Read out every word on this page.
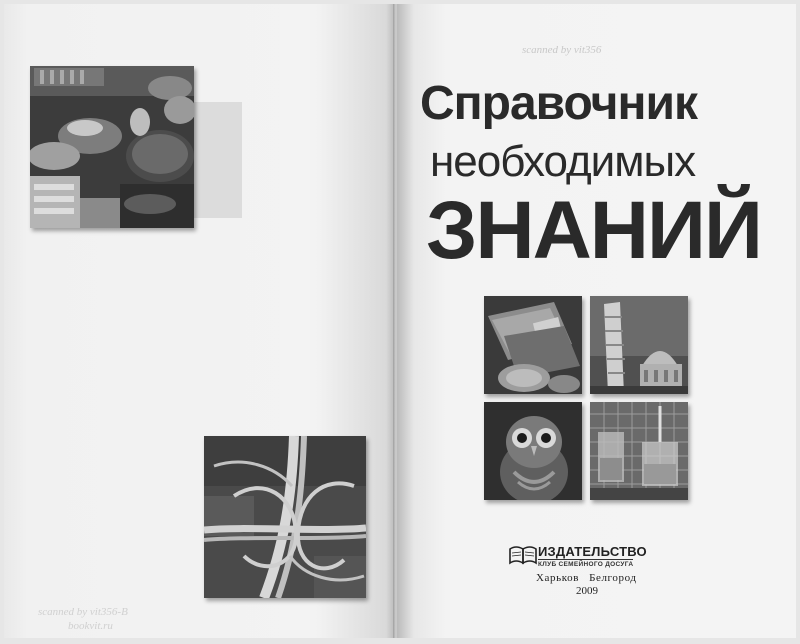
scanned by vit356-B
bookvit.ru
scanned by vit356
Справочник
необходимых
ЗНАНИЙ
ИЗДАТЕЛЬСТВО
КЛУБ СЕМЕЙНОГО ДОСУГА
Харьков   Белгород
2009
